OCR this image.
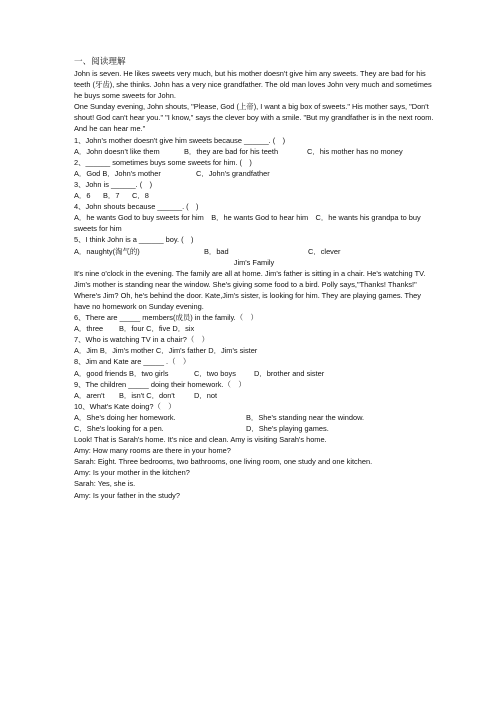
一、阅读理解

John is seven. He likes sweets very much, but his mother doesn't give him any sweets. They are bad for his teeth (牙齿), she thinks. John has a very nice grandfather. The old man loves John very much and sometimes he buys some sweets for John.

One Sunday evening, John shouts, "Please, God (上帝), I want a big box of sweets." His mother says, "Don't shout! God can't hear you." "I know," says the clever boy with a smile. "But my grandfather is in the next room. And he can hear me."

1、John's mother doesn't give him sweets because ______. (　)
A．John doesn't like them	B．they are bad for his teeth	C．his mother has no money
2、______ sometimes buys some sweets for him. (　)
A．God B．John's mother	C．John's grandfather
3、John is ______. (　)
A．6	B．7	C．8
4、John shouts because ______. (　)

A．he wants God to buy sweets for him　B．he wants God to hear him　C．he wants his grandpa to buy sweets for him

5、I think John is a ______ boy. (　)
A．naughty(淘气的)	B．bad	C．clever
Jim's Family

It's nine o'clock in the evening. The family are all at home. Jim's father is sitting in a chair. He's watching TV. Jim's mother is standing near the window. She's giving some food to a bird. Polly says,"Thanks! Thanks!" Where's Jim? Oh, he's behind the door. Kate,Jim's sister, is looking for him. They are playing games. They have no homework on Sunday evening.

6、There are _____ members(成员) in the family.（　）
A．three	B．four C．five D．six
7、Who is watching TV in a chair?（　）
A．Jim B．Jim's mother C．Jim's father D．Jim's sister
8、Jim and Kate are _____ .（　）
A．good friends B．two girls	C．two boys	D．brother and sister
9、The children _____ doing their homework.（　）
A．aren't	B．isn't C．don't	D．not
10、What's Kate doing?（　）
A．She's doing her homework.	B．She's standing near the window.
C．She's looking for a pen.	D．She's playing games.
Look! That is Sarah's home. It's nice and clean. Amy is visiting Sarah's home.
Amy: How many rooms are there in your home?
Sarah: Eight. Three bedrooms, two bathrooms, one living room, one study and one kitchen.
Amy: Is your mother in the kitchen?
Sarah: Yes, she is.
Amy: Is your father in the study?
